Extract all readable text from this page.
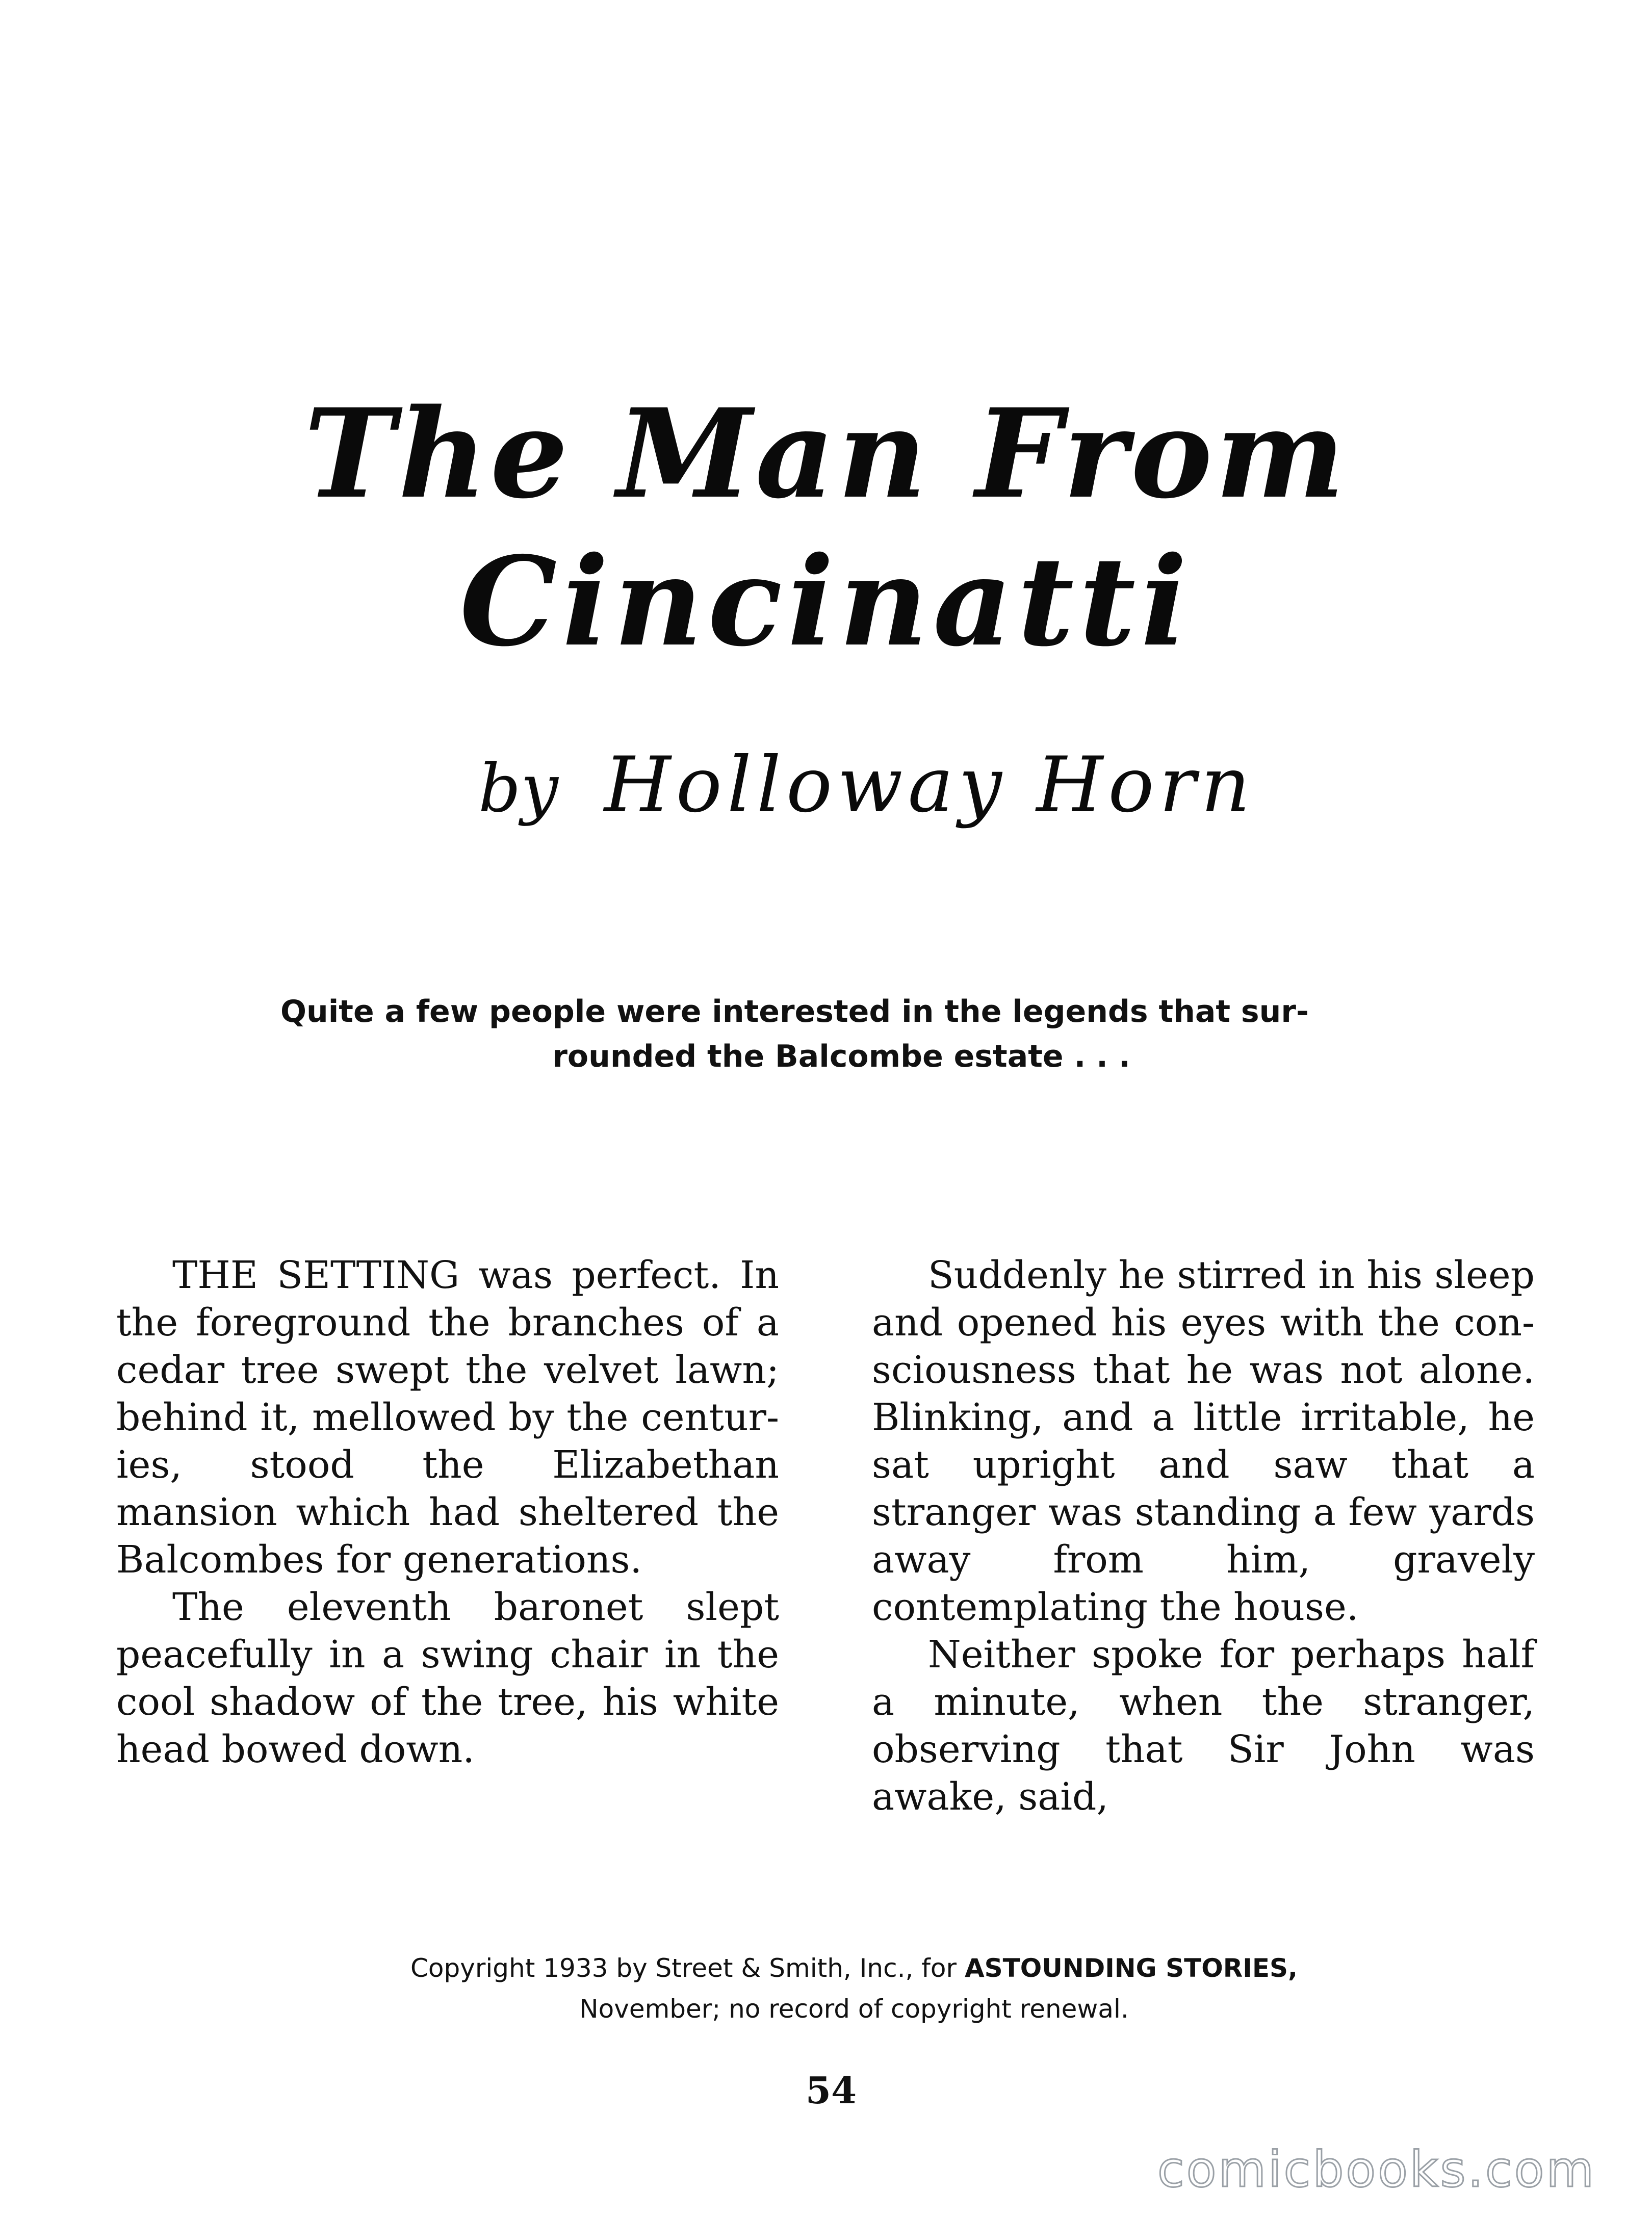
The Man From
Cincinatti
by Holloway Horn
Quite a few people were interested in the legends that sur-
rounded the Balcombe estate . . .

THE SETTING was perfect. In the foreground the branches of a cedar tree swept the velvet lawn; behind it, mellowed by the centuries, stood the Elizabethan mansion which had sheltered the Balcombes for generations.

The eleventh baronet slept peacefully in a swing chair in the cool shadow of the tree, his white head bowed down.

Suddenly he stirred in his sleep and opened his eyes with the consciousness that he was not alone. Blinking, and a little irritable, he sat upright and saw that a stranger was standing a few yards away from him, gravely contemplating the house.

Neither spoke for perhaps half a minute, when the stranger, observing that Sir John was awake, said,

Copyright 1933 by Street & Smith, Inc., for ASTOUNDING STORIES,
November; no record of copyright renewal.
54
comicbooks.com
